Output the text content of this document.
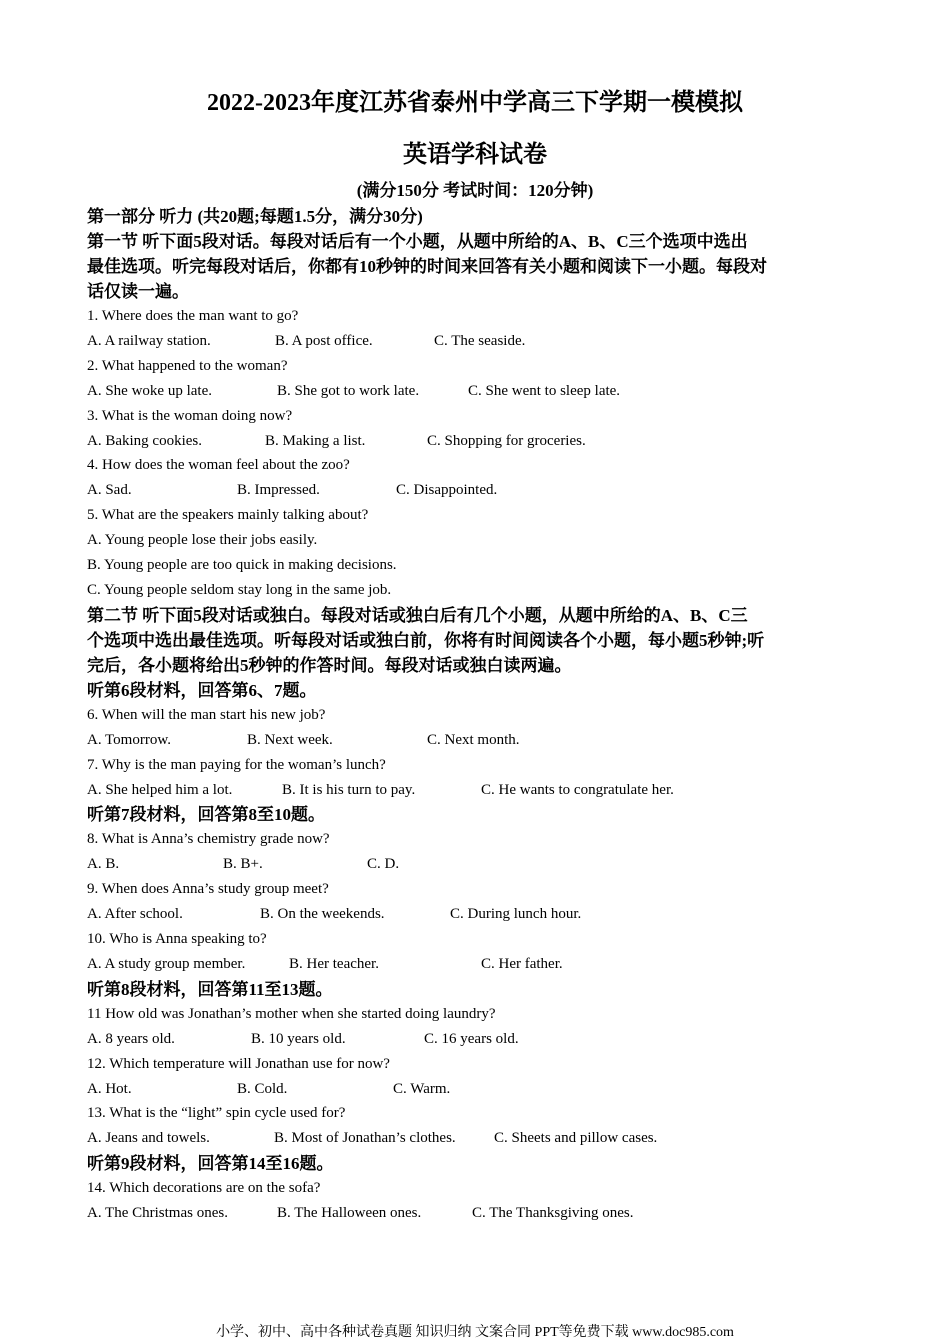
2022-2023年度江苏省泰州中学高三下学期一模模拟
英语学科试卷
(满分150分 考试时间：120分钟)

第一部分 听力 (共20题;每题1.5分，满分30分)

第一节 听下面5段对话。每段对话后有一个小题，从题中所给的A、B、C三个选项中选出

最佳选项。听完每段对话后，你都有10秒钟的时间来回答有关小题和阅读下一小题。每段对

话仅读一遍。

1. Where does the man want to go?

A. A railway station.	B. A post office.	C. The seaside.

2. What happened to the woman?

A. She woke up late.	B. She got to work late.	C. She went to sleep late.

3. What is the woman doing now?

A. Baking cookies.	B. Making a list.	C. Shopping for groceries.

4. How does the woman feel about the zoo?

A. Sad.	B. Impressed.	C. Disappointed.

5. What are the speakers mainly talking about?

A. Young people lose their jobs easily.

B. Young people are too quick in making decisions.

C. Young people seldom stay long in the same job.

第二节 听下面5段对话或独白。每段对话或独白后有几个小题，从题中所给的A、B、C三

个选项中选出最佳选项。听每段对话或独白前，你将有时间阅读各个小题，每小题5秒钟;听

完后，各小题将给出5秒钟的作答时间。每段对话或独白读两遍。

听第6段材料，回答第6、7题。

6. When will the man start his new job?

A. Tomorrow.	B. Next week.	C. Next month.

7. Why is the man paying for the woman’s lunch?

A. She helped him a lot.	B. It is his turn to pay.	C. He wants to congratulate her.

听第7段材料，回答第8至10题。

8. What is Anna’s chemistry grade now?

A. B.	B. B+.	C. D.

9. When does Anna’s study group meet?

A. After school.	B. On the weekends.	C. During lunch hour.

10. Who is Anna speaking to?

A. A study group member.	B. Her teacher.	C. Her father.

听第8段材料，回答第11至13题。

11 How old was Jonathan’s mother when she started doing laundry?

A. 8 years old.	B. 10 years old.	C. 16 years old.

12. Which temperature will Jonathan use for now?

A. Hot.	B. Cold.	C. Warm.

13. What is the “light” spin cycle used for?

A. Jeans and towels.	B. Most of Jonathan’s clothes.	C. Sheets and pillow cases.

听第9段材料，回答第14至16题。

14. Which decorations are on the sofa?

A. The Christmas ones.	B. The Halloween ones.	C. The Thanksgiving ones.
小学、初中、高中各种试卷真题 知识归纳 文案合同 PPT等免费下载 www.doc985.com
